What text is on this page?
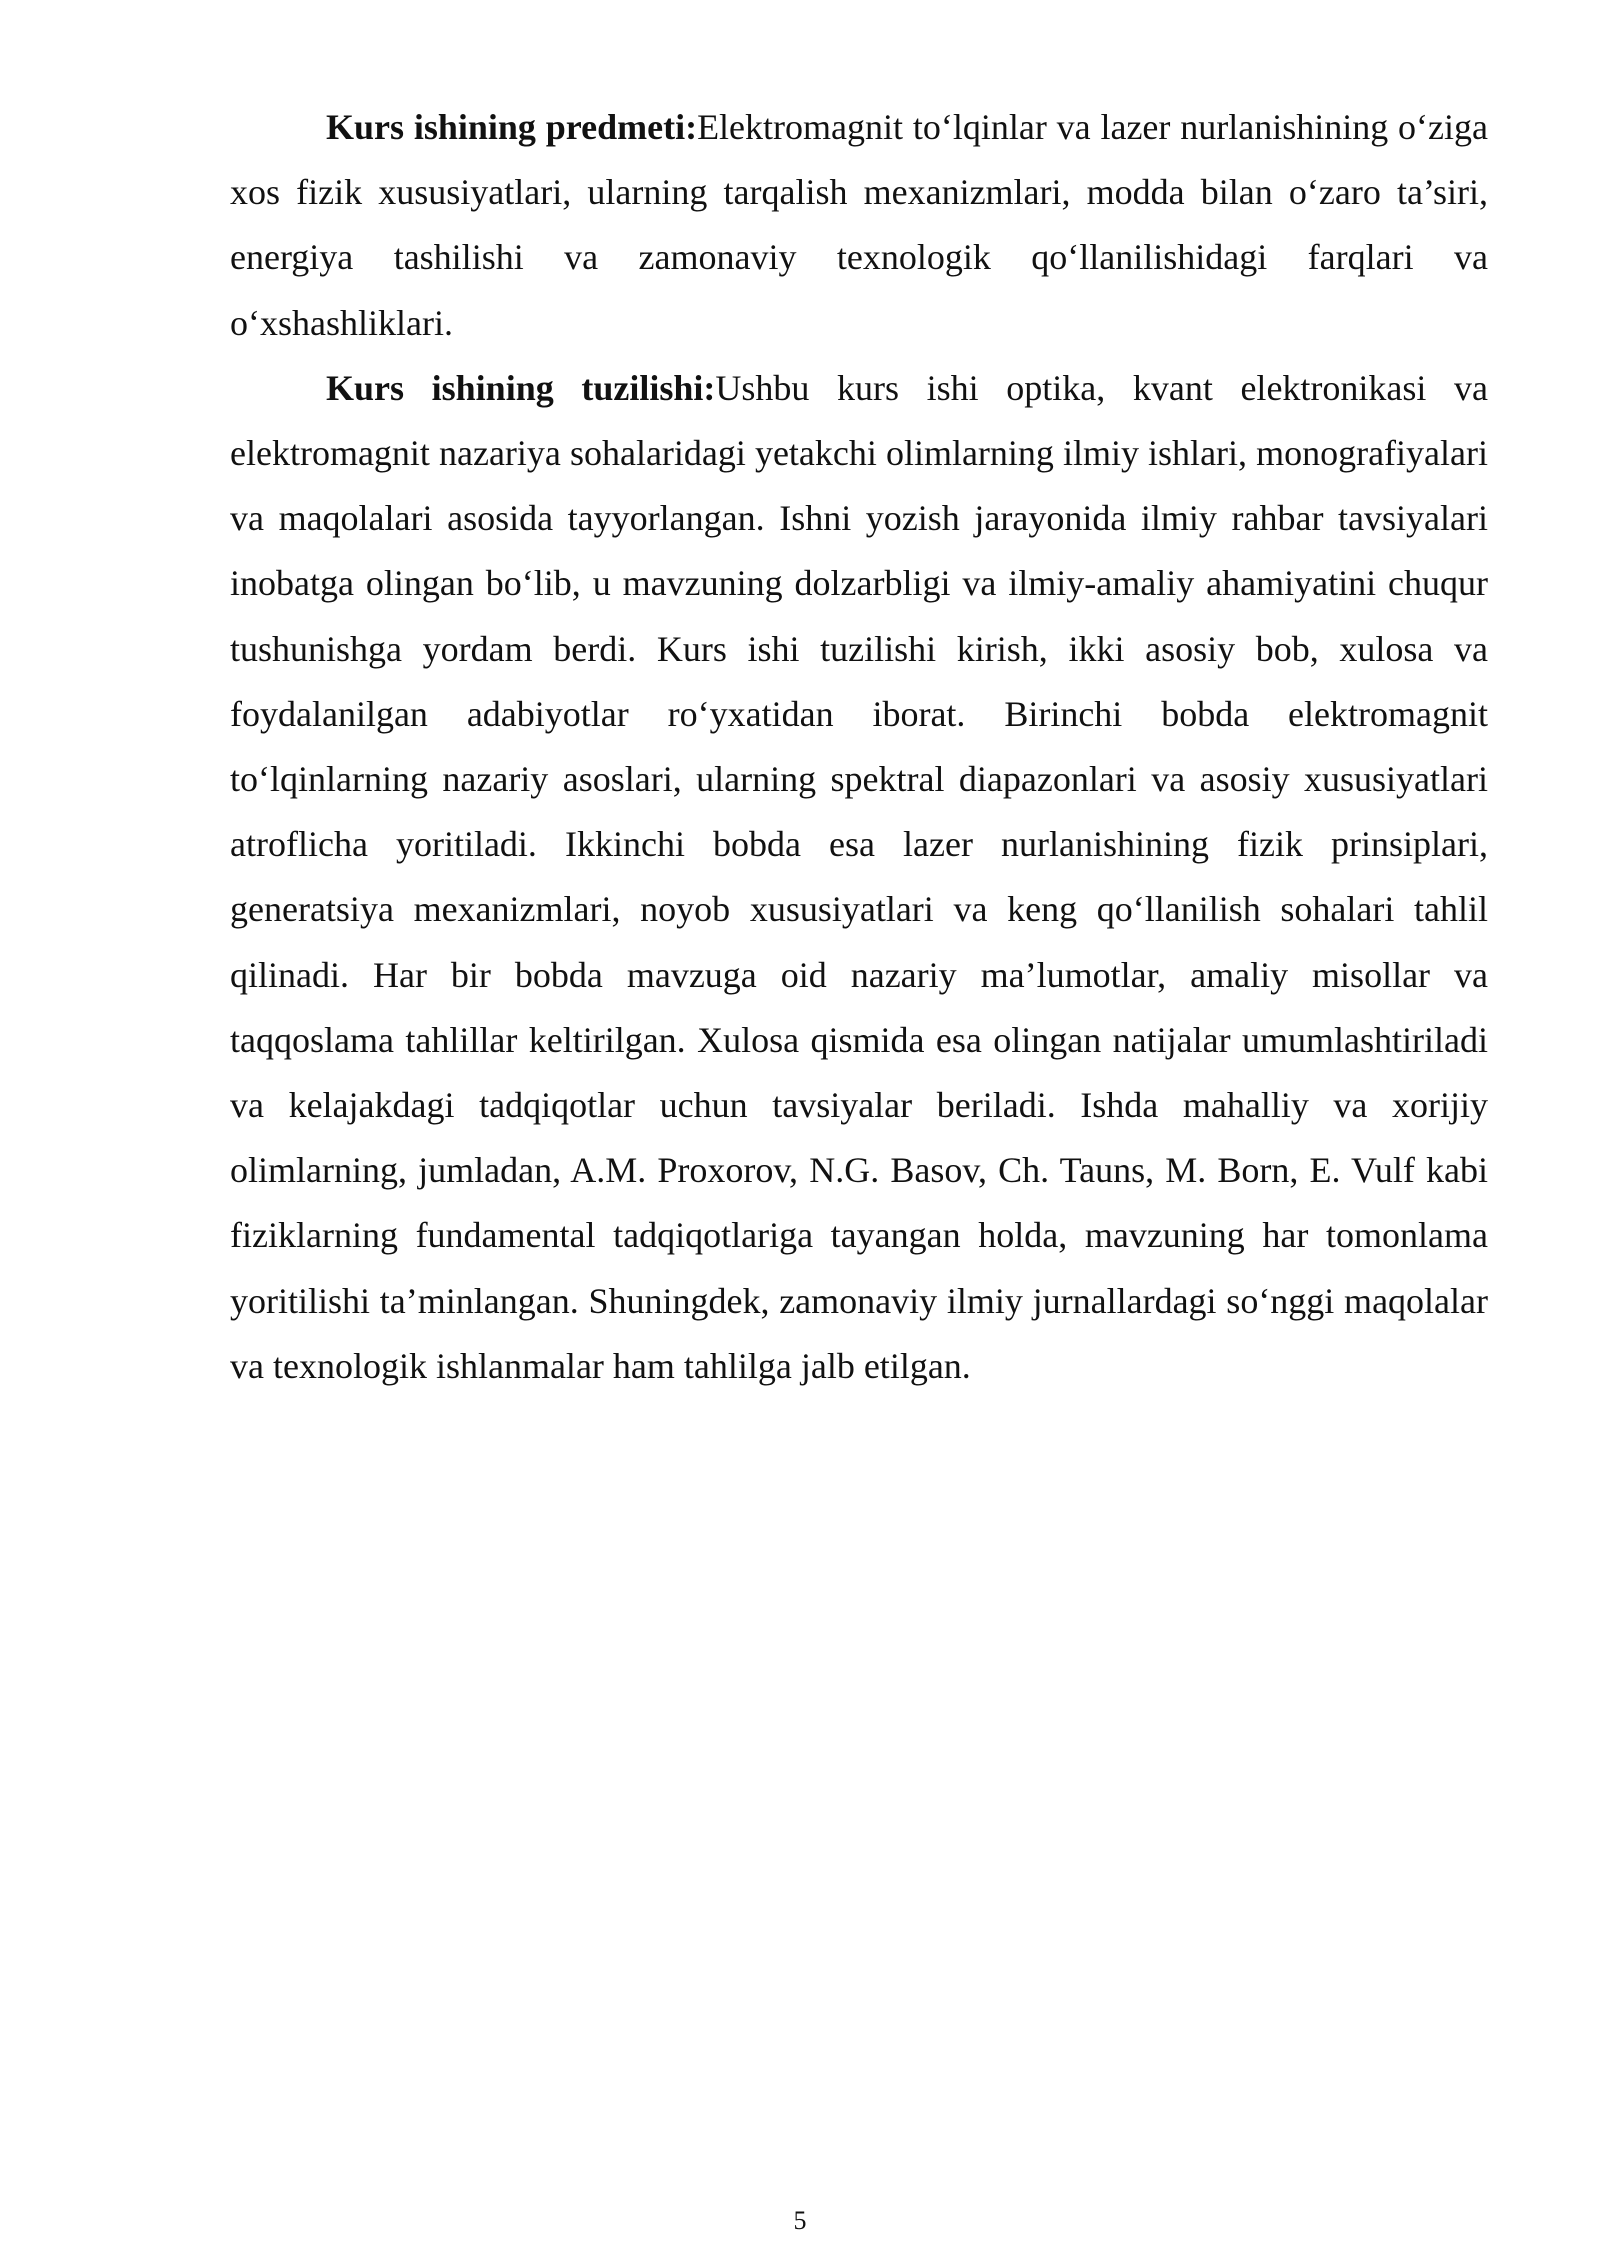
Kurs ishining predmeti:Elektromagnit to‘lqinlar va lazer nurlanishining o‘ziga xos fizik xususiyatlari, ularning tarqalish mexanizmlari, modda bilan o‘zaro ta’siri, energiya tashilishi va zamonaviy texnologik qo‘llanilishidagi farqlari va o‘xshashliklari.

Kurs ishining tuzilishi:Ushbu kurs ishi optika, kvant elektronikasi va elektromagnit nazariya sohalaridagi yetakchi olimlarning ilmiy ishlari, monografiyalari va maqolalari asosida tayyorlangan. Ishni yozish jarayonida ilmiy rahbar tavsiyalari inobatga olingan bo‘lib, u mavzuning dolzarbligi va ilmiy-amaliy ahamiyatini chuqur tushunishga yordam berdi. Kurs ishi tuzilishi kirish, ikki asosiy bob, xulosa va foydalanilgan adabiyotlar ro‘yxatidan iborat. Birinchi bobda elektromagnit to‘lqinlarning nazariy asoslari, ularning spektral diapazonlari va asosiy xususiyatlari atroflicha yoritiladi. Ikkinchi bobda esa lazer nurlanishining fizik prinsiplari, generatsiya mexanizmlari, noyob xususiyatlari va keng qo‘llanilish sohalari tahlil qilinadi. Har bir bobda mavzuga oid nazariy ma’lumotlar, amaliy misollar va taqqoslama tahlillar keltirilgan. Xulosa qismida esa olingan natijalar umumlashtiriladi va kelajakdagi tadqiqotlar uchun tavsiyalar beriladi. Ishda mahalliy va xorijiy olimlarning, jumladan, A.M. Proxorov, N.G. Basov, Ch. Tauns, M. Born, E. Vulf kabi fiziklarning fundamental tadqiqotlariga tayangan holda, mavzuning har tomonlama yoritilishi ta’minlangan. Shuningdek, zamonaviy ilmiy jurnallardagi so‘nggi maqolalar va texnologik ishlanmalar ham tahlilga jalb etilgan.

5
